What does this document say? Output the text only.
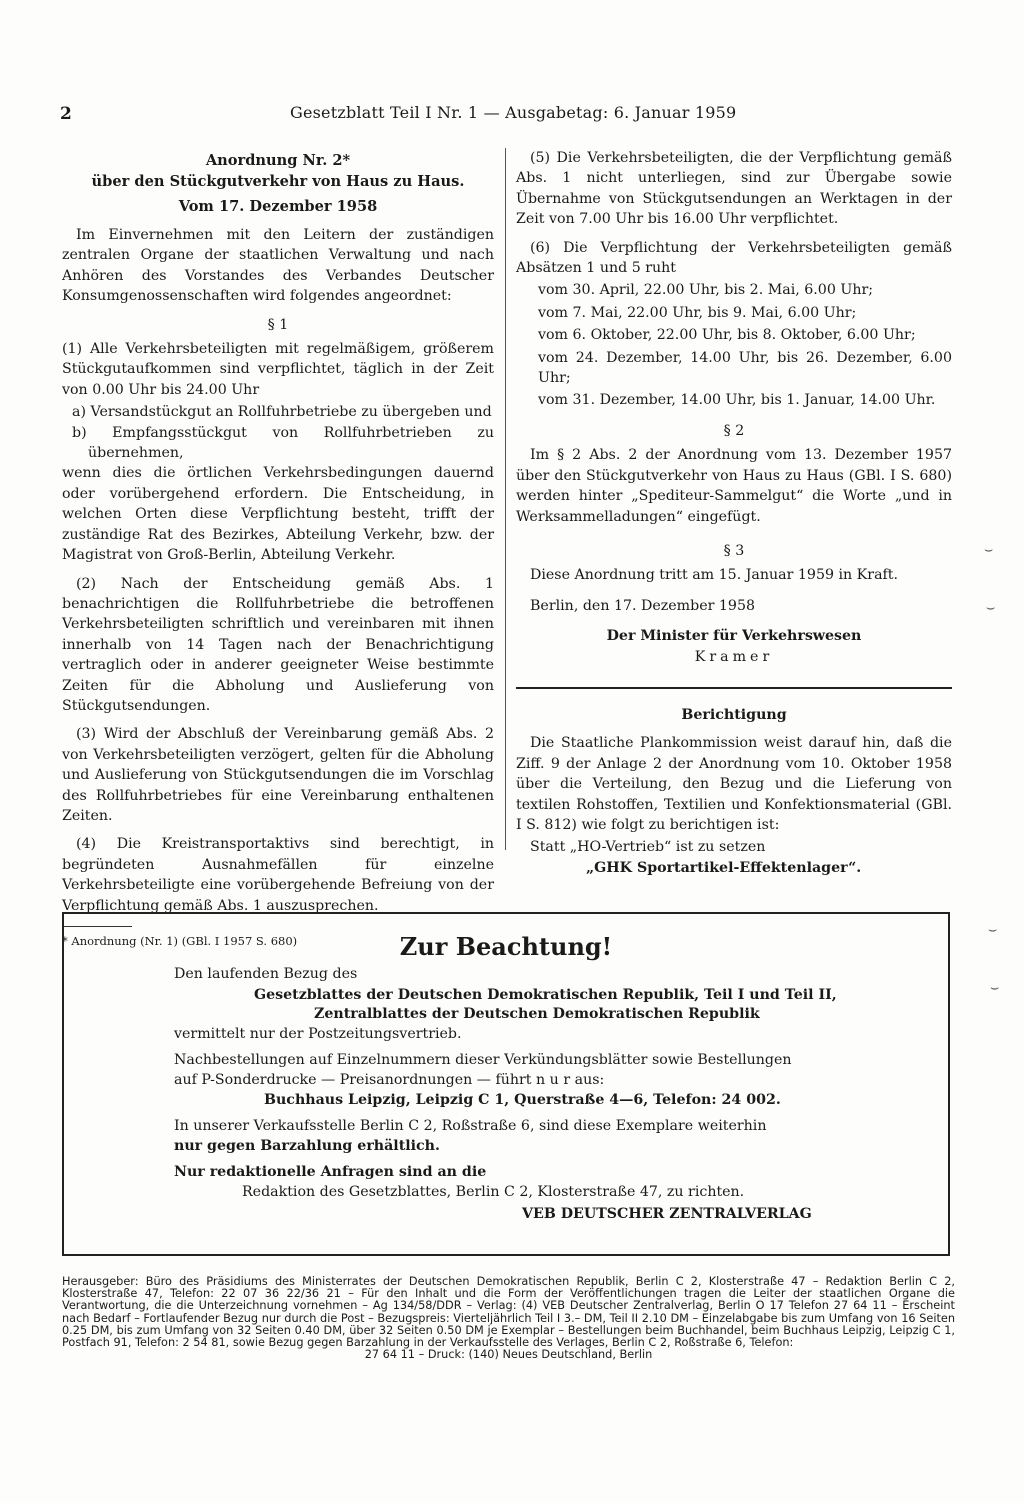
2	Gesetzblatt Teil I Nr. 1 — Ausgabetag: 6. Januar 1959
Anordnung Nr. 2*
über den Stückgutverkehr von Haus zu Haus.
Vom 17. Dezember 1958

Im Einvernehmen mit den Leitern der zuständigen zentralen Organe der staatlichen Verwaltung und nach Anhören des Vorstandes des Verbandes Deutscher Konsumgenossenschaften wird folgendes angeordnet:

§ 1

(1) Alle Verkehrsbeteiligten mit regelmäßigem, größerem Stückgutaufkommen sind verpflichtet, täglich in der Zeit von 0.00 Uhr bis 24.00 Uhr

a) Versandstückgut an Rollfuhrbetriebe zu übergeben und
b) Empfangsstückgut von Rollfuhrbetrieben zu übernehmen,

wenn dies die örtlichen Verkehrsbedingungen dauernd oder vorübergehend erfordern. Die Entscheidung, in welchen Orten diese Verpflichtung besteht, trifft der zuständige Rat des Bezirkes, Abteilung Verkehr, bzw. der Magistrat von Groß-Berlin, Abteilung Verkehr.

(2) Nach der Entscheidung gemäß Abs. 1 benachrichtigen die Rollfuhrbetriebe die betroffenen Verkehrsbeteiligten schriftlich und vereinbaren mit ihnen innerhalb von 14 Tagen nach der Benachrichtigung vertraglich oder in anderer geeigneter Weise bestimmte Zeiten für die Abholung und Auslieferung von Stückgutsendungen.

(3) Wird der Abschluß der Vereinbarung gemäß Abs. 2 von Verkehrsbeteiligten verzögert, gelten für die Abholung und Auslieferung von Stückgutsendungen die im Vorschlag des Rollfuhrbetriebes für eine Vereinbarung enthaltenen Zeiten.

(4) Die Kreistransportaktivs sind berechtigt, in begründeten Ausnahmefällen für einzelne Verkehrsbeteiligte eine vorübergehende Befreiung von der Verpflichtung gemäß Abs. 1 auszusprechen.

* Anordnung (Nr. 1) (GBl. I 1957 S. 680)

(5) Die Verkehrsbeteiligten, die der Verpflichtung gemäß Abs. 1 nicht unterliegen, sind zur Übergabe sowie Übernahme von Stückgutsendungen an Werktagen in der Zeit von 7.00 Uhr bis 16.00 Uhr verpflichtet.

(6) Die Verpflichtung der Verkehrsbeteiligten gemäß Absätzen 1 und 5 ruht

vom 30. April, 22.00 Uhr, bis 2. Mai, 6.00 Uhr;
vom 7. Mai, 22.00 Uhr, bis 9. Mai, 6.00 Uhr;
vom 6. Oktober, 22.00 Uhr, bis 8. Oktober, 6.00 Uhr;
vom 24. Dezember, 14.00 Uhr, bis 26. Dezember, 6.00 Uhr;
vom 31. Dezember, 14.00 Uhr, bis 1. Januar, 14.00 Uhr.
§ 2

Im § 2 Abs. 2 der Anordnung vom 13. Dezember 1957 über den Stückgutverkehr von Haus zu Haus (GBl. I S. 680) werden hinter „Spediteur-Sammelgut“ die Worte „und in Werksammelladungen“ eingefügt.

§ 3

Diese Anordnung tritt am 15. Januar 1959 in Kraft.

Berlin, den 17. Dezember 1958

Der Minister für Verkehrswesen
Kramer
Berichtigung

Die Staatliche Plankommission weist darauf hin, daß die Ziff. 9 der Anlage 2 der Anordnung vom 10. Oktober 1958 über die Verteilung, den Bezug und die Lieferung von textilen Rohstoffen, Textilien und Konfektionsmaterial (GBl. I S. 812) wie folgt zu berichtigen ist:

Statt „HO-Vertrieb“ ist zu setzen
„GHK Sportartikel-Effektenlager“.
Zur Beachtung!
Den laufenden Bezug des
Gesetzblattes der Deutschen Demokratischen Republik, Teil I und Teil II,
Zentralblattes der Deutschen Demokratischen Republik
vermittelt nur der Postzeitungsvertrieb.
Nachbestellungen auf Einzelnummern dieser Verkündungsblätter sowie Bestellungen
auf P-Sonderdrucke — Preisanordnungen — führt n u r aus:
Buchhaus Leipzig, Leipzig C 1, Querstraße 4—6, Telefon: 24 002.
In unserer Verkaufsstelle Berlin C 2, Roßstraße 6, sind diese Exemplare weiterhin
nur gegen Barzahlung erhältlich.
Nur redaktionelle Anfragen sind an die
Redaktion des Gesetzblattes, Berlin C 2, Klosterstraße 47, zu richten.
VEB DEUTSCHER ZENTRALVERLAG
Herausgeber: Büro des Präsidiums des Ministerrates der Deutschen Demokratischen Republik, Berlin C 2, Klosterstraße 47 – Redaktion Berlin C 2, Klosterstraße 47, Telefon: 22 07 36 22/36 21 – Für den Inhalt und die Form der Veröffentlichungen tragen die Leiter der staatlichen Organe die Verantwortung, die die Unterzeichnung vornehmen – Ag 134/58/DDR – Verlag: (4) VEB Deutscher Zentralverlag, Berlin O 17 Telefon 27 64 11 – Erscheint nach Bedarf – Fortlaufender Bezug nur durch die Post – Bezugspreis: Vierteljährlich Teil I 3.– DM, Teil II 2.10 DM – Einzelabgabe bis zum Umfang von 16 Seiten 0.25 DM, bis zum Umfang von 32 Seiten 0.40 DM, über 32 Seiten 0.50 DM je Exemplar – Bestellungen beim Buchhandel, beim Buchhaus Leipzig, Leipzig C 1, Postfach 91, Telefon: 2 54 81, sowie Bezug gegen Barzahlung in der Verkaufsstelle des Verlages, Berlin C 2, Roßstraße 6, Telefon:
27 64 11 – Druck: (140) Neues Deutschland, Berlin
⌣
⌣
⌣
⌣
